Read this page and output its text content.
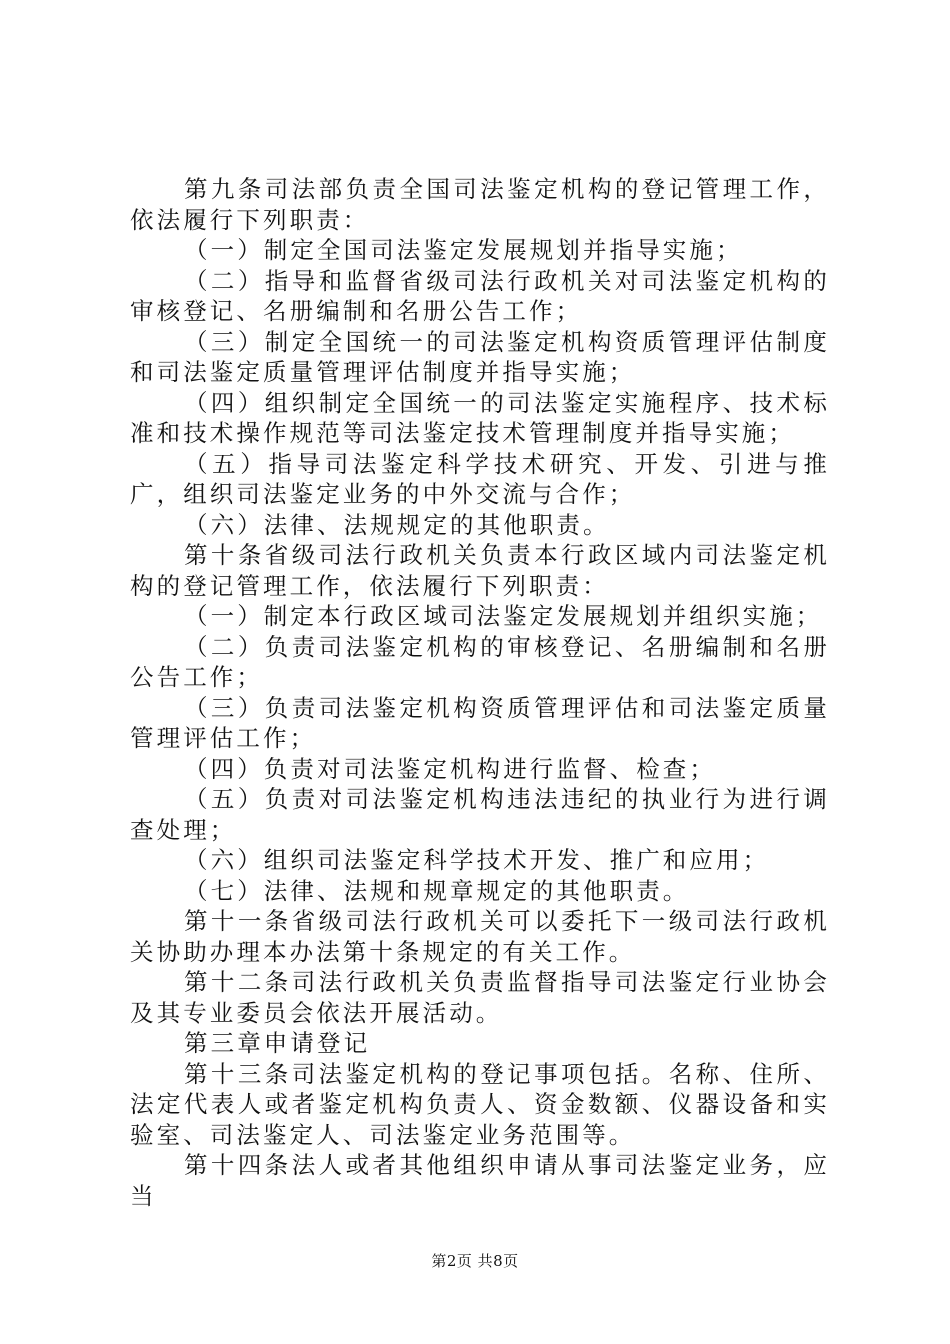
第九条司法部负责全国司法鉴定机构的登记管理工作，依法履行下列职责：

（一）制定全国司法鉴定发展规划并指导实施；

（二）指导和监督省级司法行政机关对司法鉴定机构的审核登记、名册编制和名册公告工作；

（三）制定全国统一的司法鉴定机构资质管理评估制度和司法鉴定质量管理评估制度并指导实施；

（四）组织制定全国统一的司法鉴定实施程序、技术标准和技术操作规范等司法鉴定技术管理制度并指导实施；

（五）指导司法鉴定科学技术研究、开发、引进与推广，组织司法鉴定业务的中外交流与合作；

（六）法律、法规规定的其他职责。

第十条省级司法行政机关负责本行政区域内司法鉴定机构的登记管理工作，依法履行下列职责：

（一）制定本行政区域司法鉴定发展规划并组织实施；

（二）负责司法鉴定机构的审核登记、名册编制和名册公告工作；

（三）负责司法鉴定机构资质管理评估和司法鉴定质量管理评估工作；

（四）负责对司法鉴定机构进行监督、检查；

（五）负责对司法鉴定机构违法违纪的执业行为进行调查处理；

（六）组织司法鉴定科学技术开发、推广和应用；

（七）法律、法规和规章规定的其他职责。

第十一条省级司法行政机关可以委托下一级司法行政机关协助办理本办法第十条规定的有关工作。

第十二条司法行政机关负责监督指导司法鉴定行业协会及其专业委员会依法开展活动。

第三章申请登记

第十三条司法鉴定机构的登记事项包括。名称、住所、法定代表人或者鉴定机构负责人、资金数额、仪器设备和实验室、司法鉴定人、司法鉴定业务范围等。

第十四条法人或者其他组织申请从事司法鉴定业务，应当

第2页 共8页
